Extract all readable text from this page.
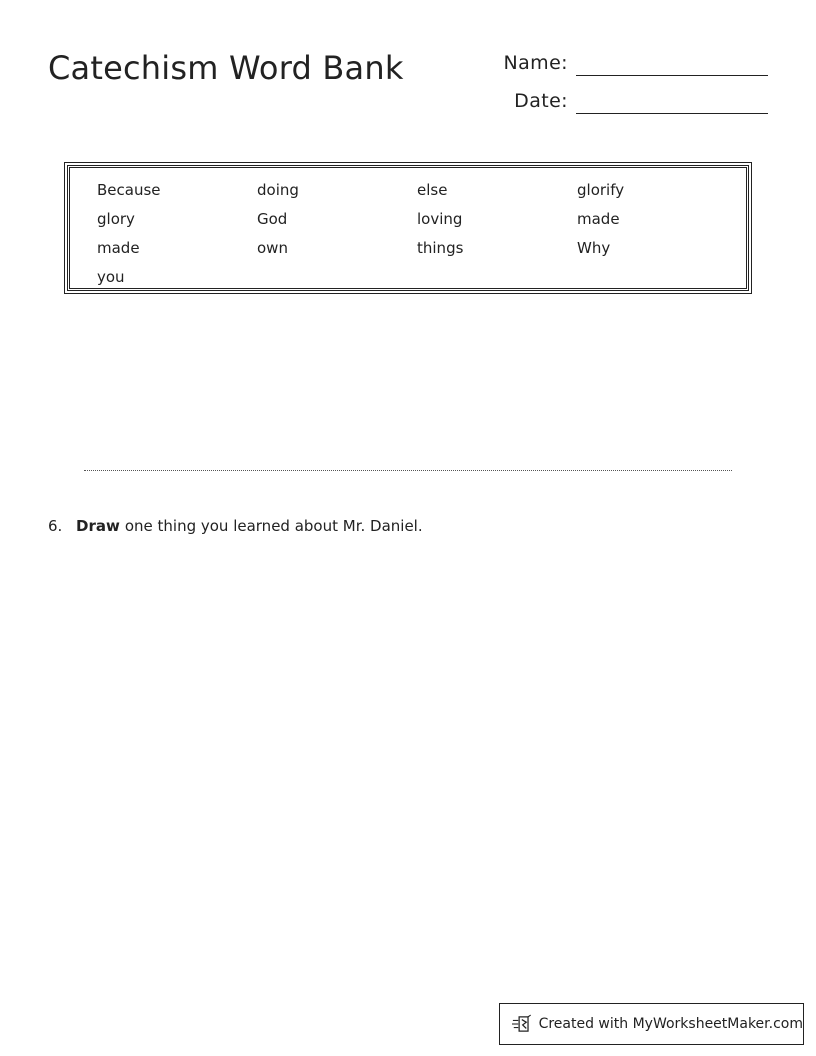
Catechism Word Bank	Name:
Date:
Because	doing	else	glorify
glory	God	loving	made
made	own	things	Why
you
6. Draw one thing you learned about Mr. Daniel.
Created with MyWorksheetMaker.com
